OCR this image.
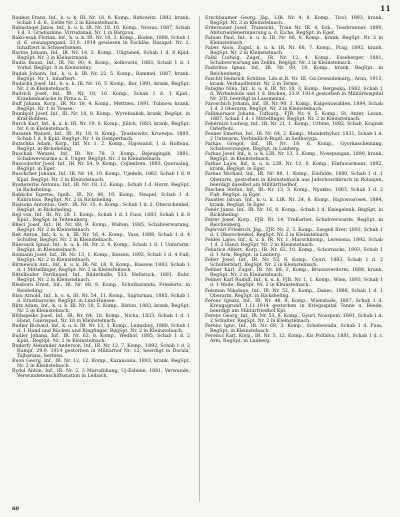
11

Baubos Franz, Inf., k. u. k. IR. Nr. 18, 8. Komp., Birkowitz, 1892, krank, Schab 1 d. 8., Eelde Nr. 2 in Kleinstelnach.

Babnstaqel Janos, Inf., k. u. k. IR. Nr. 18, 10. Komp., Nowas, 1887, Schab 1 d. 3. Gradiszkine. Virrudanak, Nr. 1 in Bargzon.

Bako-esuk Florian, Inf., k. u. k. IR. Nr. 18, 3. Komp., Boden, 1888, Schab 1 d. 6. ensungangasd, 23.8. 1914 gewiesen in Eschläe. Rasapst. Nr. 2, Inhaftiert in Schwerbienen.

Barton Johann, Inf., IR. Nr. 18, 2. Komp., Uligtanek, Schab 1 d. 8 Kpid. RegSpt. Nr. 3 in Kleinstrnank.

Budia Bausz, Inf., IR. Nr. 90, 4. Komp., kolbowits, 1883, Schab 1 d. 1 Vorkd. RegSpt. 8 in Kleinstelny.

Budak Johann, Inf., k. u. k. IR. Nr. 22, 5. Komp., Bammel, 1887, krank. RegSpt. Nr. 1, Inhaftiert.

Budacka Josef, Inf., k. u. k. IR. Nr. 16, 5. Komp., Bor, 1891, krank, RegSpt. Nr. 2 in Kleinstelnach.

Budrich Josef, Inf., IR. Nr. 18, 10. Komp., Schab 1 d. 1 Kpid., Krankenbaracke in Pirna a. E.

Buff Johann, Korp., IR. Nr. 18, 4. Komp., Mettneu, 1891, Tubnow, krank, RegSpt. Nr. 1 in Teasse.

Bumbjolt Josef, Inf., IR. Nr. 18, 8. Komp., Wyrebsaksk, krank, RegSpt. in Kraf-Robben.

Burch Karl, Inf., k. u. k. IR. Nr. 19, 6. Komp., Jülich, 1883, krank, RegSpt. Nr. 6 in Kleinstelnach.

Busatek Wanzel, Inf., IR. Nr. 18, 8. Komp., Teusbowitz, Kruowpa, 1893, Schab 1 d. 8 Kpid. RegSpt. Nr. 1 in Gomperbach.

Butschka Adam, Korp., Inf. Nr. 1, 2. Komp., Hajswand, 1 d. Holteau, RegSpt. in Ricksheling.

Buschak Wenzel, Inf., IR. Nr. 78, 3. Komp., Bejeugingik, 1891, Schabwevwarme a. d. Unger, RegSpt. Nr. 3 in Kleinstelnach.

Buscodorfer Josef, Inf., IR. Nr. 54, 9. Komp., Cejlenlzen, 1883, Quersalng, RegSpt. in Eger.

Buschcher Johann, Inf., IR. Nr. 14, 10. Komp., Ujedeln, 1882, Schab 1 d. 8 Kpid. RegSpt. Nr. 2 in Kleinstelnach.

Bysdezeriw Antonia, Inf., IR. Nr. 18, 12. Komp., Schab 1 d. Horst, RegSpt. in Ricksheling.

Bahkchs Egerne, Iqelh., IR. Nr. 88, 10. Komp., Neapel, Schab 1 d. Kubratsus, RegSpt. Nr. 2 in Ricksheling.

Bialsoka Antonius, Gefr., IR. Nr. 15, 8. Komp., Schab 1 d. 2. Oberschenkel, RegSpt. in Ricksheling.

Bejl von, Inf., IR. Nr. 28, 1. Komp., Schab 1 d. 1 Fuss, 1883, Schab 1 d. 8 Kpid., RegSpt. in Teitenaberg.

Bhecl Josef, Inf., IR. Nr. 88, 9. Komp., Walten, 1885, Schabverwarung, RegSpt. Nr. 2 in Kleinstelnach.

Bek Anton, Inf., k. u. k. IR. Nr. 16, 4. Komp., Vass, 1888, Schab 1 d. 4 Schulter, RegSpt. Nr. 2 in Kleinstelnach.

Biiersack Ignaz, Inf., k. u. k. IR. Nr. 2, 8. Komp., Schab 1 d. 1 Unterarm, RegSpt. in Kleinstelnach.

Boimann Josef, Inf., IR. Nr. 13, 1. Komp., Kessen, 1892, Schab 1 d. 4 Fuß, RegSpt. Nr. 2 in Kleinstelnach.

Birmewick Ant., Inf., k. u. k. IR. Nr. 18, 9. Komp., Rassow, 1883, Schab 1 d. 1 Mittelfinger, RegSpt. Nr. 2 in Kleinstelnach.

Bittelbuder Ferdinand, Inf., Bilderhalle, 533, Hellstuck, 1881, Ruhr, RegSpt. Nr. 2 in Kleinstelnach.

Blesborn Ernst, Inf., IR. Nr. 88, 8. Komp., Schutbaranda, Friedorts, in Reisbeling.

Blau Arnold, Inf., k. u. k. IR. Nr. 54, 11. Komp., Sapturnau, 1885, Schab 1 d. Erustbaracke, RegSpt. in Lind-Hansee.

Blitz Adam, Inf., k. u. k. IR. Nr. 18, 5. Komp., Bistan, 1883, krank, RegSpt. Nr. 2 in Kleinstelnach.

Blühspeiks Josef, Inf., IR. Nr. 64, 10. Komp., Nicha, 1833, Schab 1 d. 1 Hand, Guerispod, Nr. 10 in Kleinstelnach.

Budler Richard, Inf., k. u. k. IR. Nr. 13, 3. Komp., Leimsbuy, 1880, Schab 1 d. 1 Hand und Rücken und Ringfinger, RegSpt. Nr. 2 in Kleinstelnach.

Budler Johann, Inf., IR. Nr. 62, 8. Komp., Wedhof, 1885, Schab 1 d. 2 Kpid., RegSpt. Nr. 2 in Kleinstelnach.

Budorfy Alexander Anderson, Inf., IR. Nr. 12, 7. Komp., 1892, Schab 1 d. 2 Rumpf, 29.9. 1914 gestorben in Militärhof Nr. 12, beerdigt in Dorala, Tajbarana, Serbien.

Buon Georg, Inf., IR. Nr. 12, 12. Komp., Karansana, 1883, krank, RegSpt. Nr. 2 in Kleinstelnach.

Bydol Anton, Inf., IR. Nr. 2, 3 Marodiihang, Uj-Esbene, 1881, Verwunde, Verwundetenschiffsstation in Leibach.

Erschbaumer Georg, Jäg., LIR. Nr. 4, 8. Komp., Tirol, 1893, krank, RegSpt. Nr. 3 in Kleinstelnach.

Erdersauer Josef, Trainsold., Train Nr. IR. 4, Esk., Tessbrunner, 1890, Abiturientenerinnerung a. d. Eiche, RegSpt. in Eger.

Fabian Paul, Inf., k. u. k. IR. Nr. 88, 8. Komp., krank, RegSpt. Nr. 2 in Kleinstelnach.

Faber Alois, Zugsf., k. u. k. IR. Nr. 68, 7. Komp., Prag, 1892, krank, RegSpt. Nr. 2 in Kleinstelnach.

Falhl Ludwig, Zugsf., IR. Nr. 12, 4. Komp., Esseberger, 1881, Schabverwarung am Zellkn, RegSpt. Nr. 2 in Kleinstelnach.

Fasbritus Ignaz, Inf., IR. Nr. 98, 18. Komp., krank, RegSpt. in Reichenberg.

Faschtl Heinrich Schlitze, Lds.st.R. Nr. III, Gd.Grenzdemarg., Arnu, 1913, krank, Verhandleimtr. Nr. 2 in Terme.

Fabigho Nina, Inf., k. u. k. IR. Nr. 18, 3. Komp., Bergeska, 1882, Schab 1 d. Wirbelsäule und 1 d. Becken, 23.9. 1914 gestorben in Militärhospital Nr. 3/II, beerdigt in Lassmenau.

Faroschich Johann, Inf., IR. Nr. 98, 3. Komp., Kalgenuwalden, 1884, Schab 1 d. 2 Oberarm, RegSpt. Nr. 2 in Kleinstelnach.

Fallimorusor Johann, Tuffsarg., FJR. Nr. 4, 5. Komp., St. Anter, Lezan, 1887, Schab 1 d. 1 Mittelfinger, RegSpt. Nr. 2 in Kleinstelnach.

Fehérnizó Ludwig, Inf., IR. Nr. 21, 1. Komp., Urbine, 1892, Schab, Krajnsk Osterholz.

Fexner Emeriss, Inf., IR. Nr. 64, 2. Komp., Manderbyhor, 1831, Schab 1 d. 2 Unterarm, Verbindlich-Ruptl. in Sedhoryga.

Farkas Gregor, Inf., IR. Nr. 18, 6. Komp., Gyorkaschemang, Schabverzungen, RegSpt. in Lanberg.

Farkas Josef, Inf., k. u. k. LIR. Nr. 13, 3. Komp., Nosepungan, 1890, krank, RegSpt. in Kleinstelnach.

Farkas Lajos, Inf., k. u. k. LIR. Nr. 12, 6. Komp., Einfuwarmant, 1892, krank, RegSpt. in Eger.

Farkas Michael, Inf., IR. Nr. 88, 1. Komp., Einfalde, 1880, Schab 1 d. 1 Oberarm, gestorben in Kleinstelnach aus Jadschoschbruch in Bolanjen, beerdigt daselbst am Militärfriedhof.

Faschen Stefan, Inf., IR. Nr. 13, 3. Komp., Nyakho, 1883, Schab 1 d. 2 Fuß, RegSpt. in Eger.

Faustler Istvan, Inf., k. u. k. LIR. Nr. 24, 8. Komp., Hajtosvaroset, 1884, krank, RegSpt. in Eger.

Fehér Janos, Inf., IR. Nr. 16, 8. Komp., Schab 1 d. Kniegelenk, RegSpt. in Ricksheling.

Feirer Josef, Korp., FJR. Nr. 14, TreKarbet, Schabverwarde, RegSpt. in Reichenberg.

Fejérvári Friedrich, Jäg., TJR. Nr. 2, 3. Komp., Szegell Ilver, 1892, Schab 1 d. 1 Oberschenkel, RegSpt. Nr. 2 in Kleinstelnach.

Feldes Lajos, Inf., k. u. k. IR. Nr. 1, Marschkomp., Lerenena, 1892, Schab 1 d. 2 Hand, RegSpt. Nr. 2 in Kleinstelnach.

Fehatice Albert, Korp., IR. Nr. 62, 10. Komp., Schornacks, 1893, Schab 1 d. 1 Arm, RegSpt. in Lanberg.

Feller Josef, Inf., IR. Nr. 53, 8. Komp., Gyuri, 1883, Schab 1 d. 2 Schulterblatt, RegSpt. Nr. 2 in Kleinstelnach.

Fellner Karl, Zugsf., IR. Nr. 88, 3. Komp., Brussaverdorm, 1888, krank, RegSpt. Nr. 2 in Kleinstelnach.

Fellner Karl Rudolf, Inf., k. u. k. FJR. Nr. 1, 1. Komp., Wien, 1893, Schab 1 d. 1 Wade, RegSpt. Nr. 2 in Kleinstelnach.

Felsman Nikolaus, Inf., IR. Nr. 52, 6. Komp., Danec, 1886, Schab 1 d. 1 Oberarm, RegSpt. in Ricksheling.

Ferenc Ignatz, Inf., IR. Nr. 48, 8. Komp., Wienstade, 1887, Schab 1 d. Kreugsgrund 1.11.1914 gestorben in Kriegsspital Tenne u. Bende, beerdigt am Militärfriedhof Kpl.

Ferenc Georg, Inf., IR. Nr. 53, 8. Komp., Gyuri, Noszpom, 1891, Schab 1 d. 2 Schulter, RegSpt. Nr. 2 in Kleinstelnach.

Ferenc Igno, Inf., IR. Nr. 68, 3. Komp., Schebewada, Schab 1 d. Fuss, RegSpt. in Kleinstelnach.

Ferencz Karl, Korp., IR. Nr. 5, 12. Komp., Kis Polfalva, 1881, Schab 1 d. r. Arm, RegSpt. in Lanberg.

60
